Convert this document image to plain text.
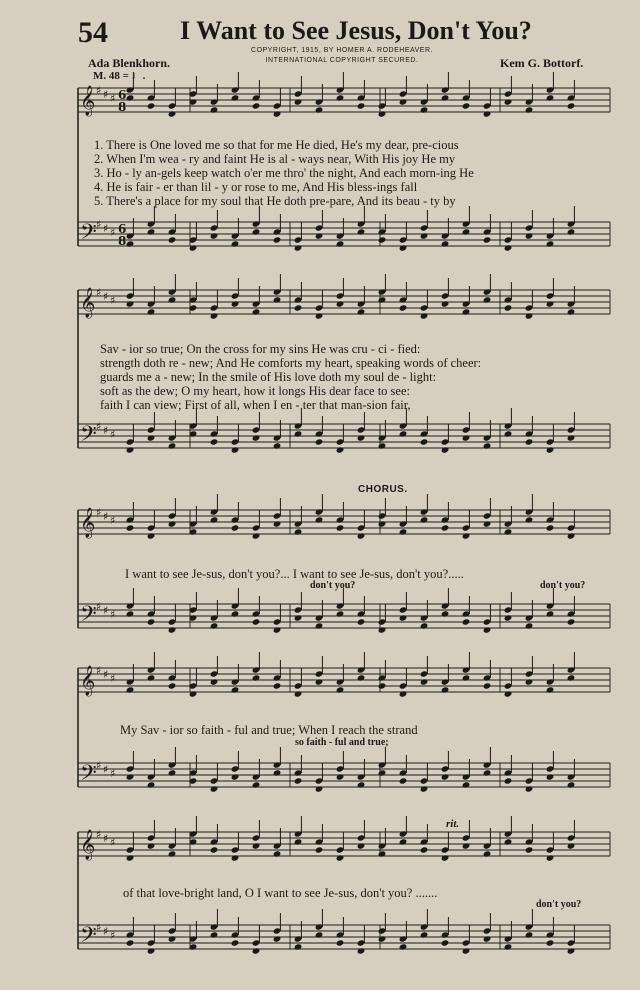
54	I Want to See Jesus, Don't You?
COPYRIGHT, 1915, BY HOMER A. RODEHEAVER.
INTERNATIONAL COPYRIGHT SECURED.
Ada Blenkhorn.	Kem G. Bottorf.
M. 48 = ♩.
♯ ♯ ♯
𝄞
♯ ♯ ♯
𝄢
♯ ♯ ♯
𝄞
♯ ♯ ♯
𝄢
♯ ♯ ♯
𝄞
♯ ♯ ♯
𝄢
♯ ♯ ♯
𝄞
♯ ♯ ♯
𝄢
♯ ♯ ♯
𝄞
♯ ♯ ♯
𝄢
6
8
6
8
1. There is One loved me so that for me He died, He's my dear, pre-cious
2. When I'm wea - ry and faint He is al - ways near, With His joy He my
3. Ho - ly an-gels keep watch o'er me thro' the night, And each morn-ing He
4. He is fair - er than lil - y or rose to me, And His bless-ings fall
5. There's a place for my soul that He doth pre-pare, And its beau - ty by
Sav - ior so true; On the cross for my sins He was cru - ci - fied:
strength doth re - new; And He comforts my heart, speaking words of cheer:
guards me a - new; In the smile of His love doth my soul de - light:
soft as the dew; O my heart, how it longs His dear face to see:
faith I can view; First of all, when I en - ter that man-sion fair,
CHORUS.
I want to see Je-sus, don't you?... I want to see Je-sus, don't you?.....
don't you?	don't you?
My Sav - ior so faith - ful and true; When I reach the strand
so faith - ful and true;
rit.
of that love-bright land, O I want to see Je-sus, don't you? .......
don't you?
